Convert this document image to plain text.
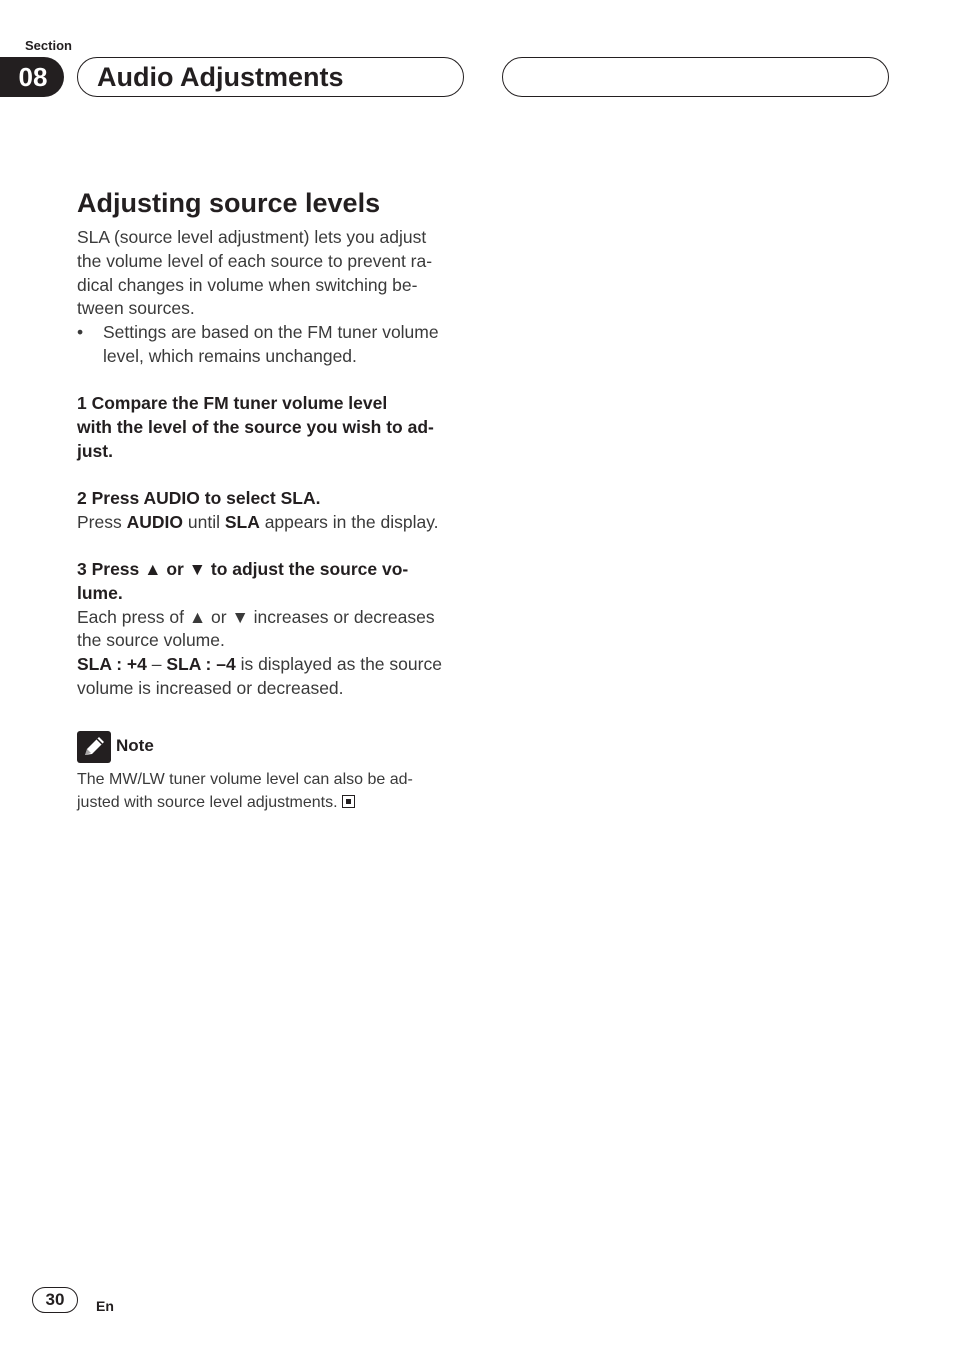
Section
08	Audio Adjustments
Adjusting source levels
SLA (source level adjustment) lets you adjust
the volume level of each source to prevent ra-
dical changes in volume when switching be-
tween sources.
• Settings are based on the FM tuner volume
level, which remains unchanged.
1 Compare the FM tuner volume level
with the level of the source you wish to ad-
just.
2 Press AUDIO to select SLA.
Press AUDIO until SLA appears in the display.
3 Press ▲ or ▼ to adjust the source vo-
lume.
Each press of ▲ or ▼ increases or decreases
the source volume.
SLA : +4 – SLA : –4 is displayed as the source
volume is increased or decreased.
Note
The MW/LW tuner volume level can also be ad-
justed with source level adjustments.
30	En
